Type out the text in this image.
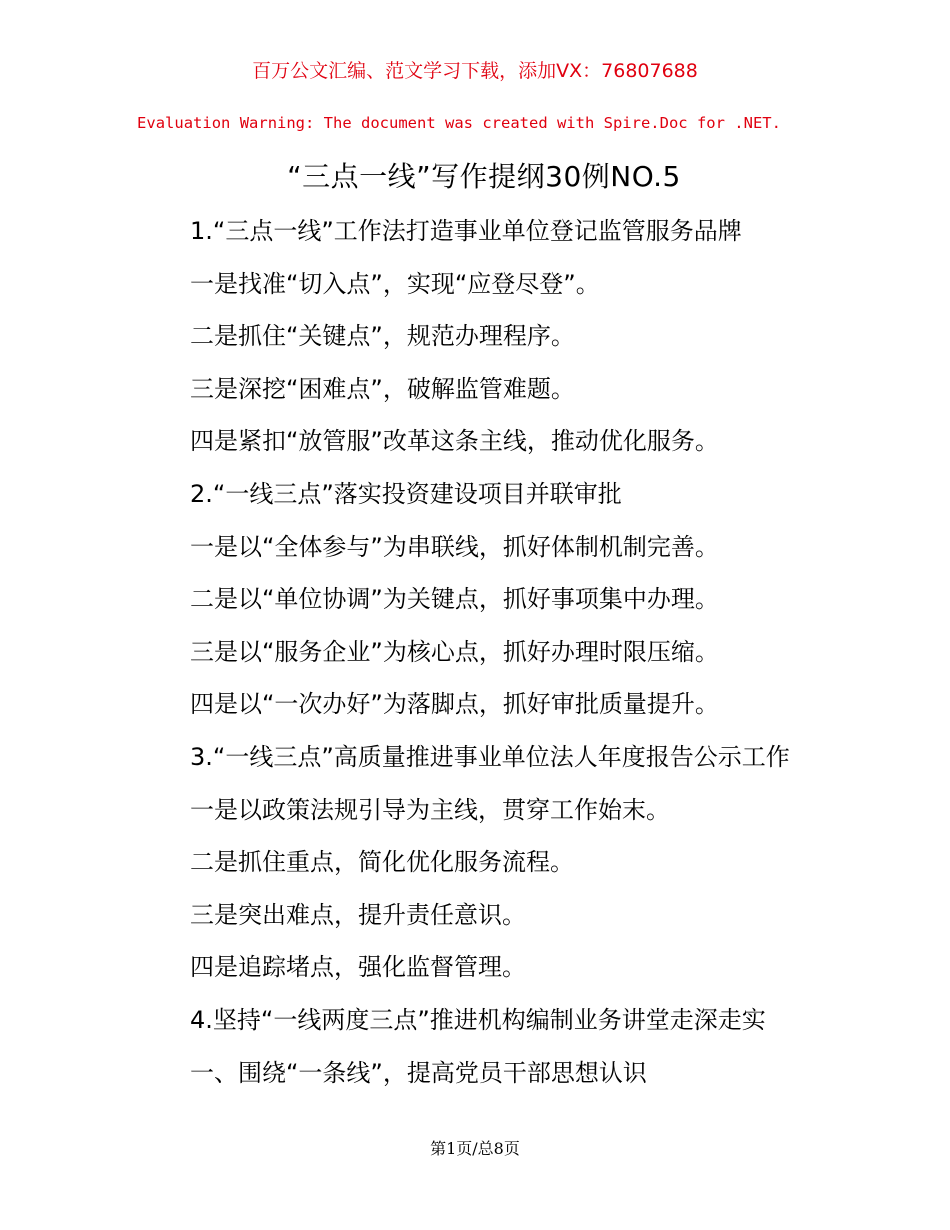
百万公文汇编、范文学习下载，添加VX：76807688
Evaluation Warning: The document was created with Spire.Doc for .NET.
“三点一线”写作提纲30例NO.5
1.“三点一线”工作法打造事业单位登记监管服务品牌
一是找准“切入点”，实现“应登尽登”。
二是抓住“关键点”，规范办理程序。
三是深挖“困难点”，破解监管难题。
四是紧扣“放管服”改革这条主线，推动优化服务。
2.“一线三点”落实投资建设项目并联审批
一是以“全体参与”为串联线，抓好体制机制完善。
二是以“单位协调”为关键点，抓好事项集中办理。
三是以“服务企业”为核心点，抓好办理时限压缩。
四是以“一次办好”为落脚点，抓好审批质量提升。
3.“一线三点”高质量推进事业单位法人年度报告公示工作
一是以政策法规引导为主线，贯穿工作始末。
二是抓住重点，简化优化服务流程。
三是突出难点，提升责任意识。
四是追踪堵点，强化监督管理。
4.坚持“一线两度三点”推进机构编制业务讲堂走深走实
一、围绕“一条线”，提高党员干部思想认识
第1页/总8页
